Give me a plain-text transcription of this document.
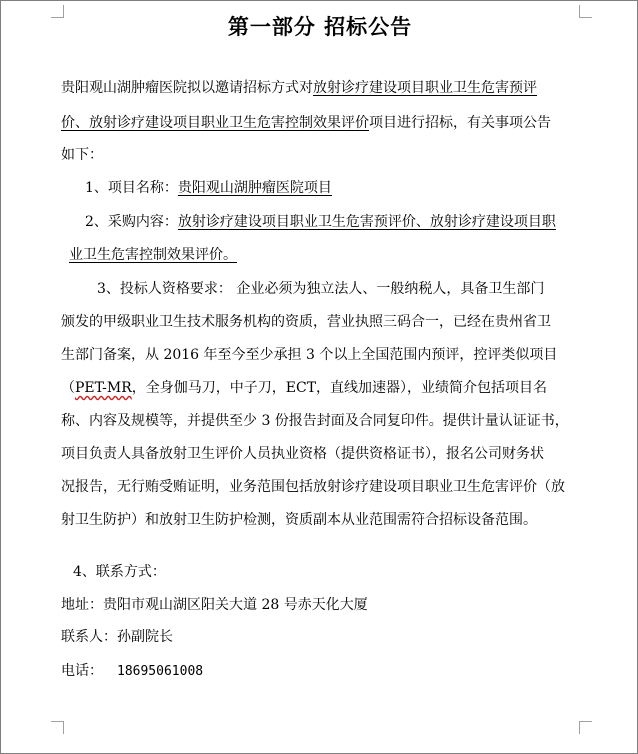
第一部分 招标公告
贵阳观山湖肿瘤医院拟以邀请招标方式对放射诊疗建设项目职业卫生危害预评
价、放射诊疗建设项目职业卫生危害控制效果评价项目进行招标，有关事项公告
如下：
1、项目名称：贵阳观山湖肿瘤医院项目
2、采购内容：放射诊疗建设项目职业卫生危害预评价、放射诊疗建设项目职
业卫生危害控制效果评价。
3、投标人资格要求： 企业必须为独立法人、一般纳税人，具备卫生部门
颁发的甲级职业卫生技术服务机构的资质，营业执照三码合一，已经在贵州省卫
生部门备案，从 2016 年至今至少承担 3 个以上全国范围内预评，控评类似项目
（PET-MR，全身伽马刀，中子刀，ECT，直线加速器），业绩简介包括项目名
称、内容及规模等，并提供至少 3 份报告封面及合同复印件。提供计量认证证书，
项目负责人具备放射卫生评价人员执业资格（提供资格证书），报名公司财务状
况报告，无行贿受贿证明，业务范围包括放射诊疗建设项目职业卫生危害评价（放
射卫生防护）和放射卫生防护检测，资质副本从业范围需符合招标设备范围。
4、联系方式：
地址：贵阳市观山湖区阳关大道 28 号赤天化大厦
联系人：孙副院长
电话： 18695061008
